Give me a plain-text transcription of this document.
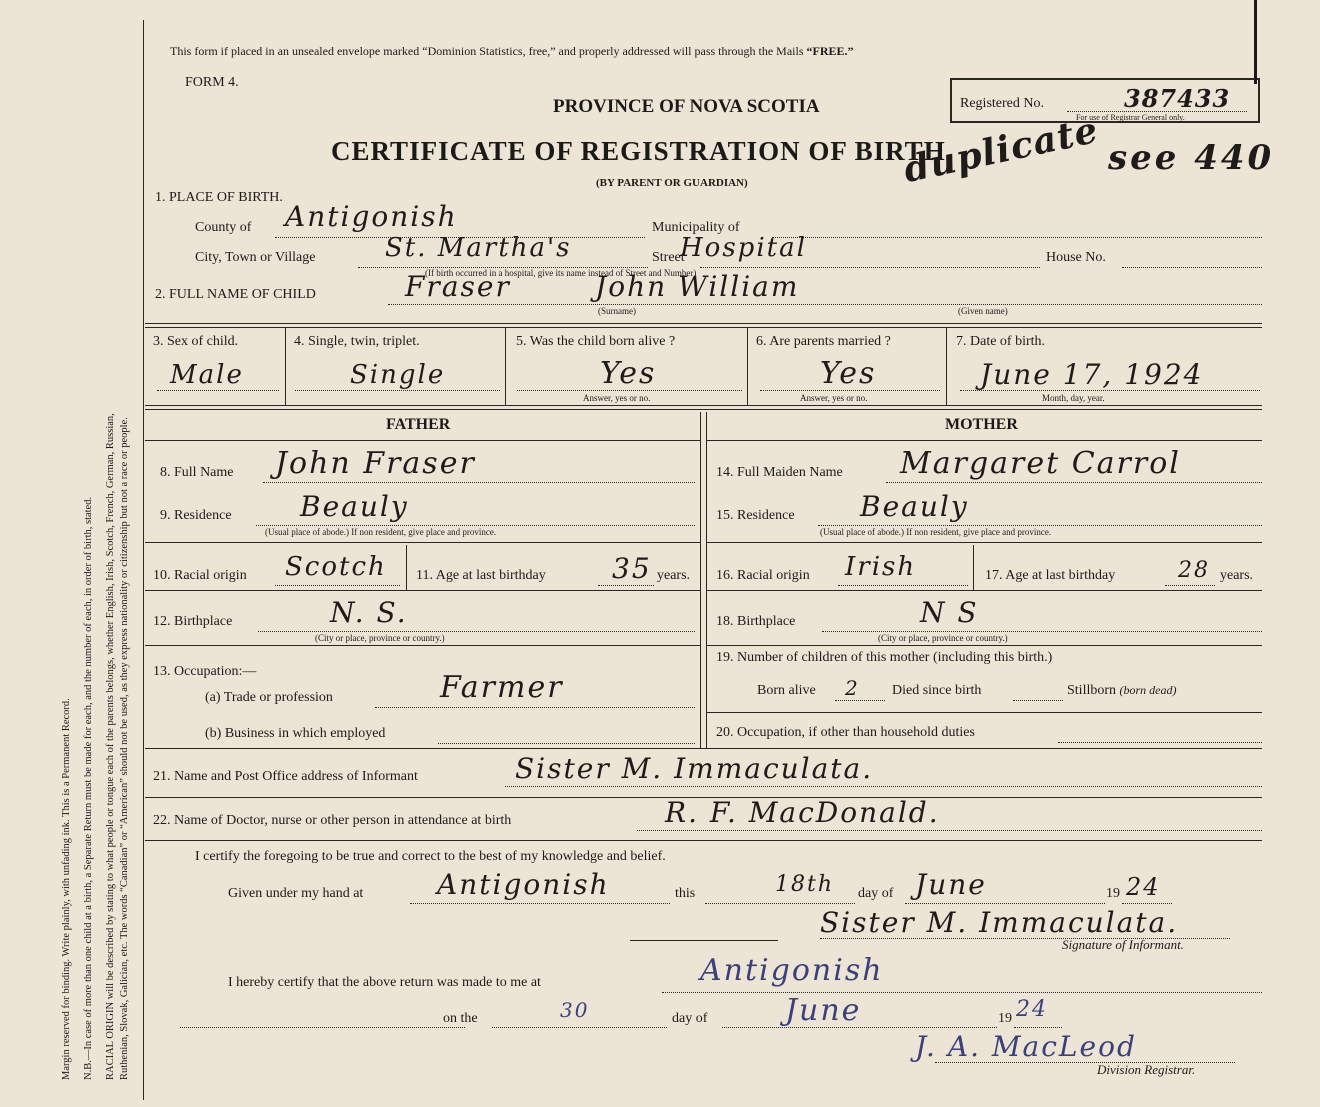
Margin reserved for binding. Write plainly, with unfading ink. This is a Permanent Record. N.B.—In case of more than one child at a birth, a Separate Return must be made for each, and the number of each, in order of birth, stated. RACIAL ORIGIN will be described by stating to what people or tongue each of the parents belongs, whether English, Irish, Scotch, French, German, Russian, Ruthenian, Slovak, Galician, etc. The words “Canadian” or “American” should not be used, as they express nationality or citizenship but not a race or people.
This form if placed in an unsealed envelope marked “Dominion Statistics, free,” and properly addressed will pass through the Mails “FREE.”
FORM 4.
PROVINCE OF NOVA SCOTIA
CERTIFICATE OF REGISTRATION OF BIRTH
(BY PARENT OR GUARDIAN)
Registered No.	387433
For use of Registrar General only.
duplicate see 440
1. PLACE OF BIRTH.
County of Antigonish	Municipality of
City, Town or Village	St. Martha's	Street
Hospital	House No.
(If birth occurred in a hospital, give its name instead of Street and Number)
2. FULL NAME OF CHILD	Fraser	John William
(Surname)	(Given name)
3. Sex of child.
Male
4. Single, twin, triplet.
Single
5. Was the child born alive ?
Yes
Answer, yes or no.
6. Are parents married ?
Yes
Answer, yes or no.
7. Date of birth.
June 17, 1924
Month, day, year.
FATHER	MOTHER
8. Full Name John Fraser	14. Full Maiden Name Margaret Carrol
9. Residence Beauly
(Usual place of abode.) If non resident, give place and province.
15. Residence Beauly
(Usual place of abode.) If non resident, give place and province.
10. Racial origin Scotch 11. Age at last birthday 35 years. 16. Racial origin Irish	17. Age at last birthday	28 years.
12. Birthplace	N. S.
(City or place, province or country.)
18. Birthplace	N S
(City or place, province or country.)
13. Occupation:—
(a) Trade or profession	Farmer
(b) Business in which employed
19. Number of children of this mother (including this birth.)
Born alive 2 Died since birth	Stillborn (born dead)
20. Occupation, if other than household duties
21. Name and Post Office address of Informant	Sister M. Immaculata.
22. Name of Doctor, nurse or other person in attendance at birth	R. F. MacDonald.
I certify the foregoing to be true and correct to the best of my knowledge and belief.
Given under my hand at	Antigonish	this	18th day of June	19 24
Sister M. Immaculata.
Signature of Informant.
I hereby certify that the above return was made to me at	Antigonish
on the	30	day of	June	19 24
J. A. MacLeod
Division Registrar.
